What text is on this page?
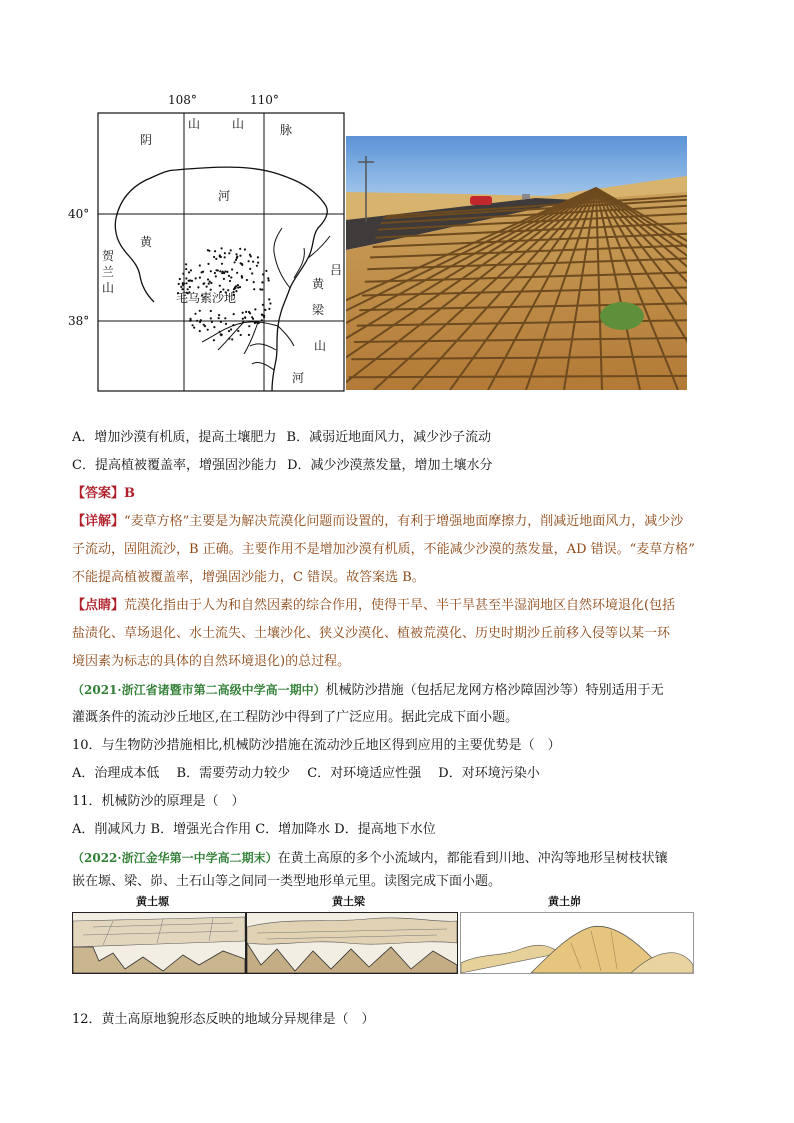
108°	110°
40°
38°
阴
山	山	脉
河
黄
贺
兰
山
吕
黄
梁
山
河
毛乌素沙地
A．增加沙漠有机质，提高土壤肥力 B．减弱近地面风力，减少沙子流动
C．提高植被覆盖率，增强固沙能力 D．减少沙漠蒸发量，增加土壤水分
【答案】B
【详解】“麦草方格”主要是为解决荒漠化问题而设置的，有利于增强地面摩擦力，削减近地面风力，减少沙
子流动，固阻流沙，B 正确。主要作用不是增加沙漠有机质，不能减少沙漠的蒸发量，AD 错误。“麦草方格”
不能提高植被覆盖率，增强固沙能力，C 错误。故答案选 B。
【点睛】荒漠化指由于人为和自然因素的综合作用，使得干旱、半干旱甚至半湿润地区自然环境退化(包括
盐渍化、草场退化、水土流失、土壤沙化、狭义沙漠化、植被荒漠化、历史时期沙丘前移入侵等以某一环
境因素为标志的具体的自然环境退化)的总过程。
（2021·浙江省诸暨市第二高级中学高一期中）机械防沙措施（包括尼龙网方格沙障固沙等）特别适用于无
灌溉条件的流动沙丘地区,在工程防沙中得到了广泛应用。据此完成下面小题。
10．与生物防沙措施相比,机械防沙措施在流动沙丘地区得到应用的主要优势是（　）
A．治理成本低　 B．需要劳动力较少　 C．对环境适应性强　 D．对环境污染小
11．机械防沙的原理是（　）
A．削减风力 B．增强光合作用 C．增加降水 D．提高地下水位
（2022·浙江金华第一中学高二期末）在黄土高原的多个小流域内，都能看到川地、冲沟等地形呈树枝状镶
嵌在塬、梁、峁、土石山等之间同一类型地形单元里。读图完成下面小题。
黄土塬	黄土梁	黄土峁
12．黄土高原地貌形态反映的地域分异规律是（　）
